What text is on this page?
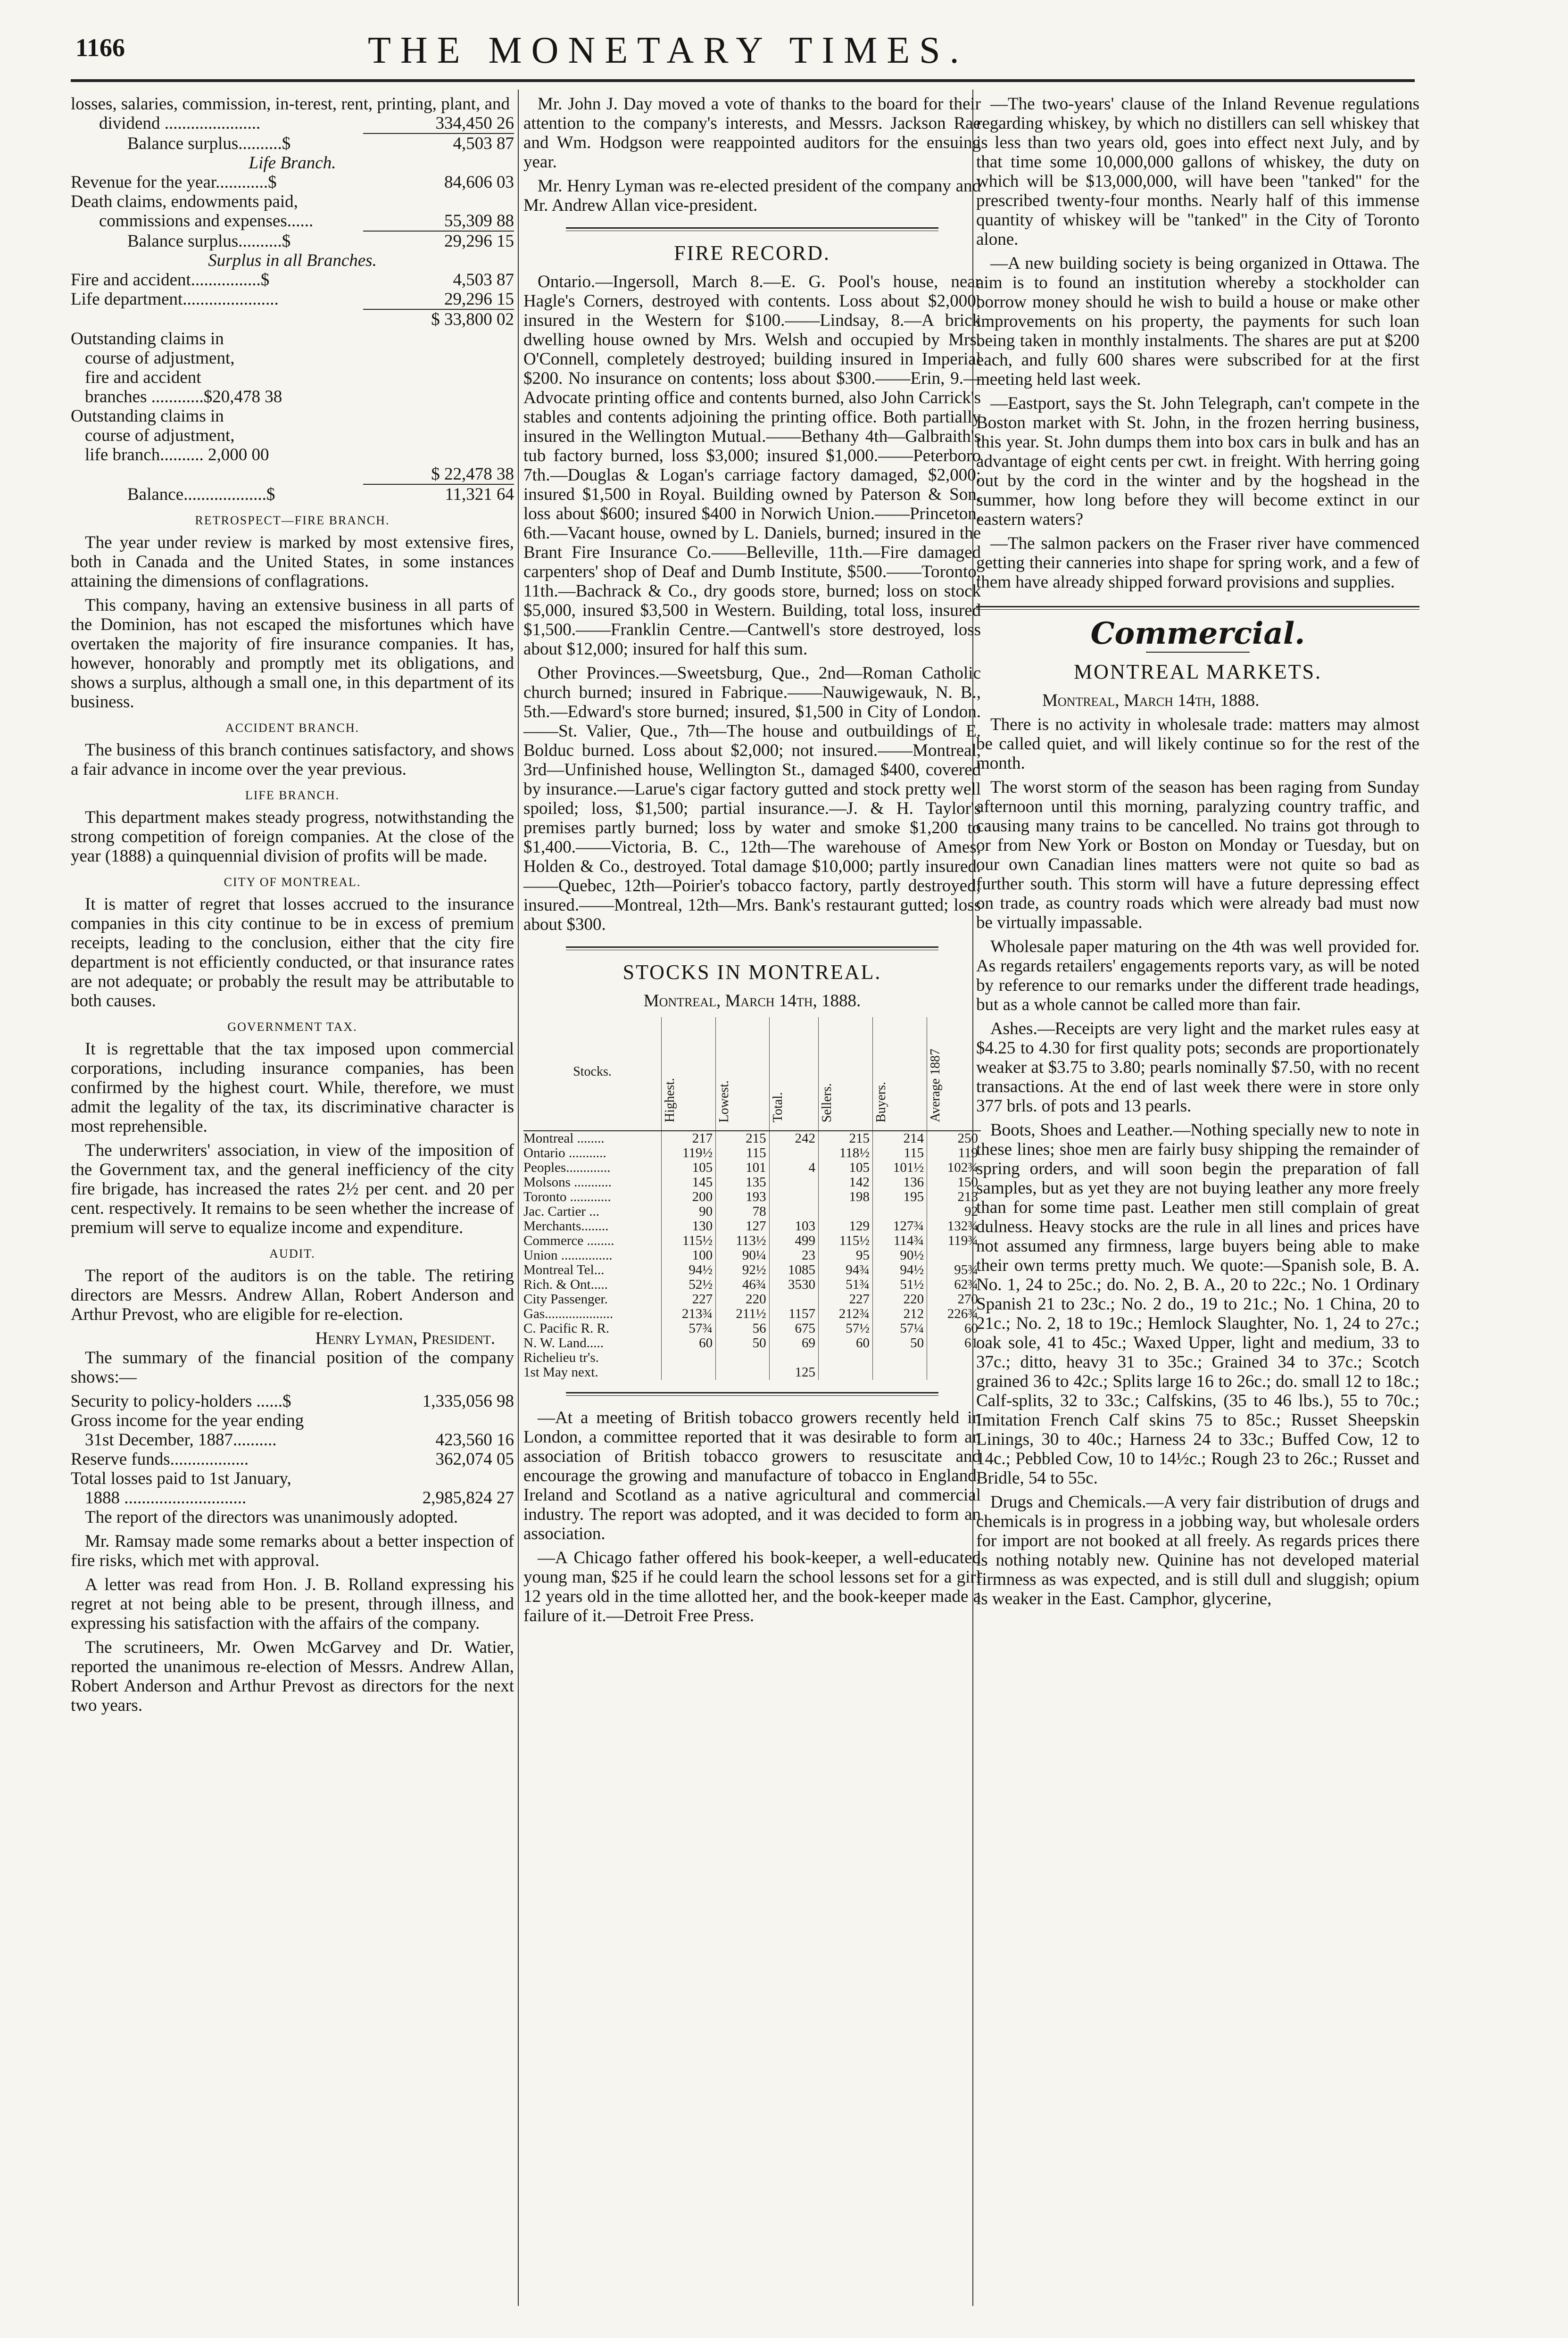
1166	THE MONETARY TIMES.
losses, salaries, commission, in-terest, rent, printing, plant, and
dividend ......................	334,450 26
Balance surplus..........$	4,503 87
Life Branch.
Revenue for the year............$	84,606 03
Death claims, endowments paid,
commissions and expenses......	55,309 88
Balance surplus..........$	29,296 15
Surplus in all Branches.
Fire and accident................$	4,503 87
Life department......................	29,296 15
$ 33,800 02
Outstanding claims in
course of adjustment,
fire and accident
branches ............$20,478 38
Outstanding claims in
course of adjustment,
life branch.......... 2,000 00
$ 22,478 38
Balance...................$	11,321 64
RETROSPECT—FIRE BRANCH.

The year under review is marked by most extensive fires, both in Canada and the United States, in some instances attaining the dimensions of conflagrations.

This company, having an extensive business in all parts of the Dominion, has not escaped the misfortunes which have overtaken the majority of fire insurance companies. It has, however, honorably and promptly met its obligations, and shows a surplus, although a small one, in this department of its business.

ACCIDENT BRANCH.

The business of this branch continues satisfactory, and shows a fair advance in income over the year previous.

LIFE BRANCH.

This department makes steady progress, notwithstanding the strong competition of foreign companies. At the close of the year (1888) a quinquennial division of profits will be made.

CITY OF MONTREAL.

It is matter of regret that losses accrued to the insurance companies in this city continue to be in excess of premium receipts, leading to the conclusion, either that the city fire department is not efficiently conducted, or that insurance rates are not adequate; or probably the result may be attributable to both causes.

GOVERNMENT TAX.

It is regrettable that the tax imposed upon commercial corporations, including insurance companies, has been confirmed by the highest court. While, therefore, we must admit the legality of the tax, its discriminative character is most reprehensible.

The underwriters' association, in view of the imposition of the Government tax, and the general inefficiency of the city fire brigade, has increased the rates 2½ per cent. and 20 per cent. respectively. It remains to be seen whether the increase of premium will serve to equalize income and expenditure.

AUDIT.

The report of the auditors is on the table. The retiring directors are Messrs. Andrew Allan, Robert Anderson and Arthur Prevost, who are eligible for re-election.

Henry Lyman, President.

The summary of the financial position of the company shows:—

Security to policy-holders ......$	1,335,056 98
Gross income for the year ending
31st December, 1887..........	423,560 16
Reserve funds..................	362,074 05
Total losses paid to 1st January,
1888 ............................	2,985,824 27

The report of the directors was unanimously adopted.

Mr. Ramsay made some remarks about a better inspection of fire risks, which met with approval.

A letter was read from Hon. J. B. Rolland expressing his regret at not being able to be present, through illness, and expressing his satisfaction with the affairs of the company.

The scrutineers, Mr. Owen McGarvey and Dr. Watier, reported the unanimous re-election of Messrs. Andrew Allan, Robert Anderson and Arthur Prevost as directors for the next two years.

Mr. John J. Day moved a vote of thanks to the board for their attention to the company's interests, and Messrs. Jackson Rae and Wm. Hodgson were reappointed auditors for the ensuing year.

Mr. Henry Lyman was re-elected president of the company and Mr. Andrew Allan vice-president.

FIRE RECORD.

Ontario.—Ingersoll, March 8.—E. G. Pool's house, near Hagle's Corners, destroyed with contents. Loss about $2,000; insured in the Western for $100.——Lindsay, 8.—A brick dwelling house owned by Mrs. Welsh and occupied by Mrs. O'Connell, completely destroyed; building insured in Imperial $200. No insurance on contents; loss about $300.——Erin, 9.—Advocate printing office and contents burned, also John Carrick's stables and contents adjoining the printing office. Both partially insured in the Wellington Mutual.——Bethany 4th—Galbraith's tub factory burned, loss $3,000; insured $1,000.——Peterboro 7th.—Douglas & Logan's carriage factory damaged, $2,000; insured $1,500 in Royal. Building owned by Paterson & Son, loss about $600; insured $400 in Norwich Union.——Princeton, 6th.—Vacant house, owned by L. Daniels, burned; insured in the Brant Fire Insurance Co.——Belleville, 11th.—Fire damaged carpenters' shop of Deaf and Dumb Institute, $500.——Toronto, 11th.—Bachrack & Co., dry goods store, burned; loss on stock $5,000, insured $3,500 in Western. Building, total loss, insured $1,500.——Franklin Centre.—Cantwell's store destroyed, loss about $12,000; insured for half this sum.

Other Provinces.—Sweetsburg, Que., 2nd—Roman Catholic church burned; insured in Fabrique.——Nauwigewauk, N. B., 5th.—Edward's store burned; insured, $1,500 in City of London.——St. Valier, Que., 7th—The house and outbuildings of E. Bolduc burned. Loss about $2,000; not insured.——Montreal, 3rd—Unfinished house, Wellington St., damaged $400, covered by insurance.—Larue's cigar factory gutted and stock pretty well spoiled; loss, $1,500; partial insurance.—J. & H. Taylor's premises partly burned; loss by water and smoke $1,200 to $1,400.——Victoria, B. C., 12th—The warehouse of Ames, Holden & Co., destroyed. Total damage $10,000; partly insured.——Quebec, 12th—Poirier's tobacco factory, partly destroyed; insured.——Montreal, 12th—Mrs. Bank's restaurant gutted; loss about $300.

STOCKS IN MONTREAL.
Montreal, March 14th, 1888.
Stocks.	Highest.	Lowest.	Total.	Sellers.	Buyers.	Average 1887
Montreal ........	217	215	242	215	214	250
Ontario ...........	119½	115		118½	115	119
Peoples.............	105	101	4	105	101½	102¾
Molsons ...........	145	135		142	136	150
Toronto ............	200	193		198	195	213
Jac. Cartier ...	90	78				92
Merchants........	130	127	103	129	127¾	132¾
Commerce ........	115½	113½	499	115½	114¾	119¾
Union ...............	100	90¼	23	95	90½	
Montreal Tel...	94½	92½	1085	94¾	94½	95¾
Rich. & Ont.....	52½	46¾	3530	51¾	51½	62¾
City Passenger.	227	220		227	220	270
Gas....................	213¾	211½	1157	212¾	212	226¾
C. Pacific R. R.	57¾	56	675	57½	57¼	60
N. W. Land.....	60	50	69	60	50	61
Richelieu tr's.						
1st May next.			125			

—At a meeting of British tobacco growers recently held in London, a committee reported that it was desirable to form an association of British tobacco growers to resuscitate and encourage the growing and manufacture of tobacco in England, Ireland and Scotland as a native agricultural and commercial industry. The report was adopted, and it was decided to form an association.

—A Chicago father offered his book-keeper, a well-educated young man, $25 if he could learn the school lessons set for a girl 12 years old in the time allotted her, and the book-keeper made a failure of it.—Detroit Free Press.

—The two-years' clause of the Inland Revenue regulations regarding whiskey, by which no distillers can sell whiskey that is less than two years old, goes into effect next July, and by that time some 10,000,000 gallons of whiskey, the duty on which will be $13,000,000, will have been "tanked" for the prescribed twenty-four months. Nearly half of this immense quantity of whiskey will be "tanked" in the City of Toronto alone.

—A new building society is being organized in Ottawa. The aim is to found an institution whereby a stockholder can borrow money should he wish to build a house or make other improvements on his property, the payments for such loan being taken in monthly instalments. The shares are put at $200 each, and fully 600 shares were subscribed for at the first meeting held last week.

—Eastport, says the St. John Telegraph, can't compete in the Boston market with St. John, in the frozen herring business, this year. St. John dumps them into box cars in bulk and has an advantage of eight cents per cwt. in freight. With herring going out by the cord in the winter and by the hogshead in the summer, how long before they will become extinct in our eastern waters?

—The salmon packers on the Fraser river have commenced getting their canneries into shape for spring work, and a few of them have already shipped forward provisions and supplies.

Commercial.
MONTREAL MARKETS.

Montreal, March 14th, 1888.

There is no activity in wholesale trade: matters may almost be called quiet, and will likely continue so for the rest of the month.

The worst storm of the season has been raging from Sunday afternoon until this morning, paralyzing country traffic, and causing many trains to be cancelled. No trains got through to or from New York or Boston on Monday or Tuesday, but on our own Canadian lines matters were not quite so bad as further south. This storm will have a future depressing effect on trade, as country roads which were already bad must now be virtually impassable.

Wholesale paper maturing on the 4th was well provided for. As regards retailers' engagements reports vary, as will be noted by reference to our remarks under the different trade headings, but as a whole cannot be called more than fair.

Ashes.—Receipts are very light and the market rules easy at $4.25 to 4.30 for first quality pots; seconds are proportionately weaker at $3.75 to 3.80; pearls nominally $7.50, with no recent transactions. At the end of last week there were in store only 377 brls. of pots and 13 pearls.

Boots, Shoes and Leather.—Nothing specially new to note in these lines; shoe men are fairly busy shipping the remainder of spring orders, and will soon begin the preparation of fall samples, but as yet they are not buying leather any more freely than for some time past. Leather men still complain of great dulness. Heavy stocks are the rule in all lines and prices have not assumed any firmness, large buyers being able to make their own terms pretty much. We quote:—Spanish sole, B. A. No. 1, 24 to 25c.; do. No. 2, B. A., 20 to 22c.; No. 1 Ordinary Spanish 21 to 23c.; No. 2 do., 19 to 21c.; No. 1 China, 20 to 21c.; No. 2, 18 to 19c.; Hemlock Slaughter, No. 1, 24 to 27c.; oak sole, 41 to 45c.; Waxed Upper, light and medium, 33 to 37c.; ditto, heavy 31 to 35c.; Grained 34 to 37c.; Scotch grained 36 to 42c.; Splits large 16 to 26c.; do. small 12 to 18c.; Calf-splits, 32 to 33c.; Calfskins, (35 to 46 lbs.), 55 to 70c.; Imitation French Calf skins 75 to 85c.; Russet Sheepskin Linings, 30 to 40c.; Harness 24 to 33c.; Buffed Cow, 12 to 14c.; Pebbled Cow, 10 to 14½c.; Rough 23 to 26c.; Russet and Bridle, 54 to 55c.

Drugs and Chemicals.—A very fair distribution of drugs and chemicals is in progress in a jobbing way, but wholesale orders for import are not booked at all freely. As regards prices there is nothing notably new. Quinine has not developed material firmness as was expected, and is still dull and sluggish; opium is weaker in the East. Camphor, glycerine,
